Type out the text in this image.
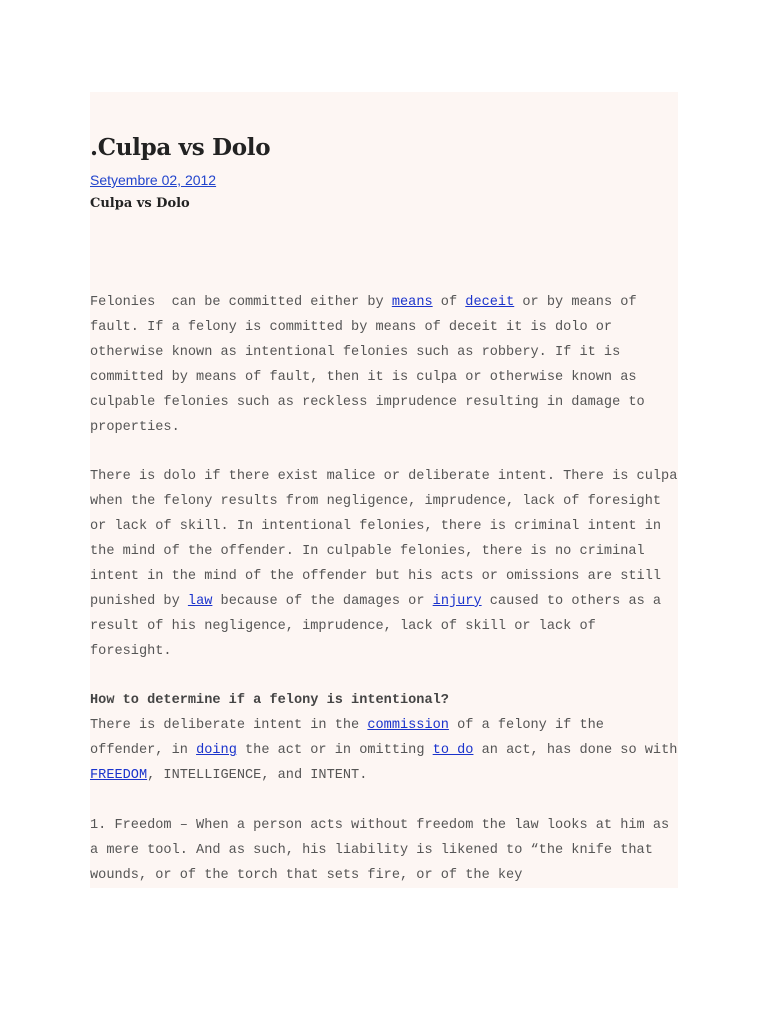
.Culpa vs Dolo
Setyembre 02, 2012
Culpa vs Dolo

Felonies  can be committed either by means of deceit or by means of fault. If a felony is committed by means of deceit it is dolo or otherwise known as intentional felonies such as robbery. If it is committed by means of fault, then it is culpa or otherwise known as culpable felonies such as reckless imprudence resulting in damage to properties.

There is dolo if there exist malice or deliberate intent. There is culpa when the felony results from negligence, imprudence, lack of foresight or lack of skill. In intentional felonies, there is criminal intent in the mind of the offender. In culpable felonies, there is no criminal intent in the mind of the offender but his acts or omissions are still punished by law because of the damages or injury caused to others as a result of his negligence, imprudence, lack of skill or lack of foresight.

How to determine if a felony is intentional?
There is deliberate intent in the commission of a felony if the offender, in doing the act or in omitting to do an act, has done so with FREEDOM, INTELLIGENCE, and INTENT.

1. Freedom – When a person acts without freedom the law looks at him as a mere tool. And as such, his liability is likened to “the knife that wounds, or of the torch that sets fire, or of the key
